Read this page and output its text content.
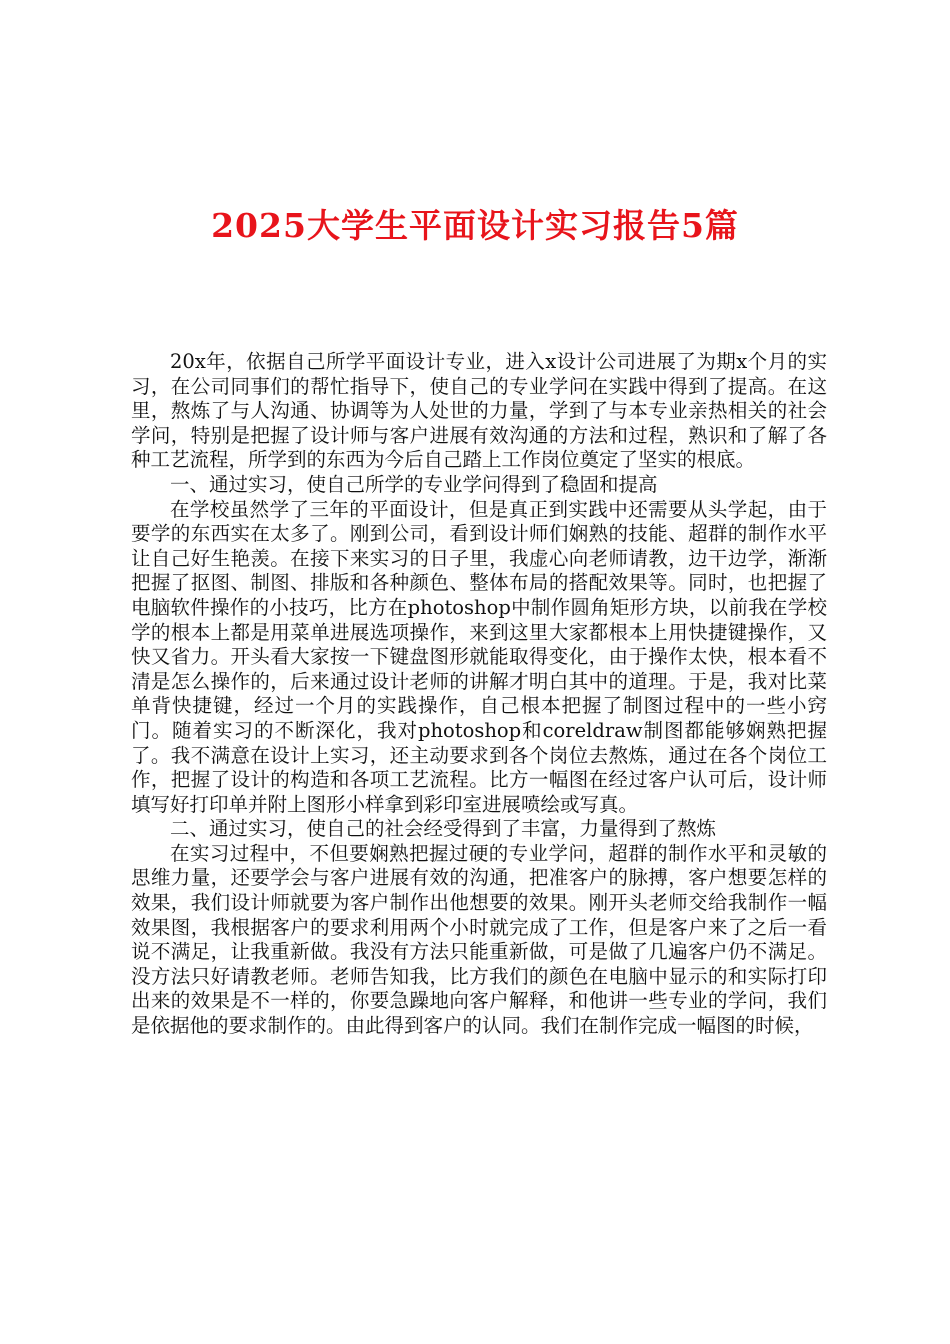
2025大学生平面设计实习报告5篇

20x年，依据自己所学平面设计专业，进入x设计公司进展了为期x个月的实习，在公司同事们的帮忙指导下，使自己的专业学问在实践中得到了提高。在这里，熬炼了与人沟通、协调等为人处世的力量，学到了与本专业亲热相关的社会学问，特别是把握了设计师与客户进展有效沟通的方法和过程，熟识和了解了各种工艺流程，所学到的东西为今后自己踏上工作岗位奠定了坚实的根底。

一、通过实习，使自己所学的专业学问得到了稳固和提高

在学校虽然学了三年的平面设计，但是真正到实践中还需要从头学起，由于要学的东西实在太多了。刚到公司，看到设计师们娴熟的技能、超群的制作水平让自己好生艳羡。在接下来实习的日子里，我虚心向老师请教，边干边学，渐渐把握了抠图、制图、排版和各种颜色、整体布局的搭配效果等。同时，也把握了电脑软件操作的小技巧，比方在photoshop中制作圆角矩形方块，以前我在学校学的根本上都是用菜单进展选项操作，来到这里大家都根本上用快捷键操作，又快又省力。开头看大家按一下键盘图形就能取得变化，由于操作太快，根本看不清是怎么操作的，后来通过设计老师的讲解才明白其中的道理。于是，我对比菜单背快捷键，经过一个月的实践操作，自己根本把握了制图过程中的一些小窍门。随着实习的不断深化，我对photoshop和coreldraw制图都能够娴熟把握了。我不满意在设计上实习，还主动要求到各个岗位去熬炼，通过在各个岗位工作，把握了设计的构造和各项工艺流程。比方一幅图在经过客户认可后，设计师填写好打印单并附上图形小样拿到彩印室进展喷绘或写真。

二、通过实习，使自己的社会经受得到了丰富，力量得到了熬炼

在实习过程中，不但要娴熟把握过硬的专业学问，超群的制作水平和灵敏的思维力量，还要学会与客户进展有效的沟通，把准客户的脉搏，客户想要怎样的效果，我们设计师就要为客户制作出他想要的效果。刚开头老师交给我制作一幅效果图，我根据客户的要求利用两个小时就完成了工作，但是客户来了之后一看说不满足，让我重新做。我没有方法只能重新做，可是做了几遍客户仍不满足。没方法只好请教老师。老师告知我，比方我们的颜色在电脑中显示的和实际打印出来的效果是不一样的，你要急躁地向客户解释，和他讲一些专业的学问，我们是依据他的要求制作的。由此得到客户的认同。我们在制作完成一幅图的时候，
